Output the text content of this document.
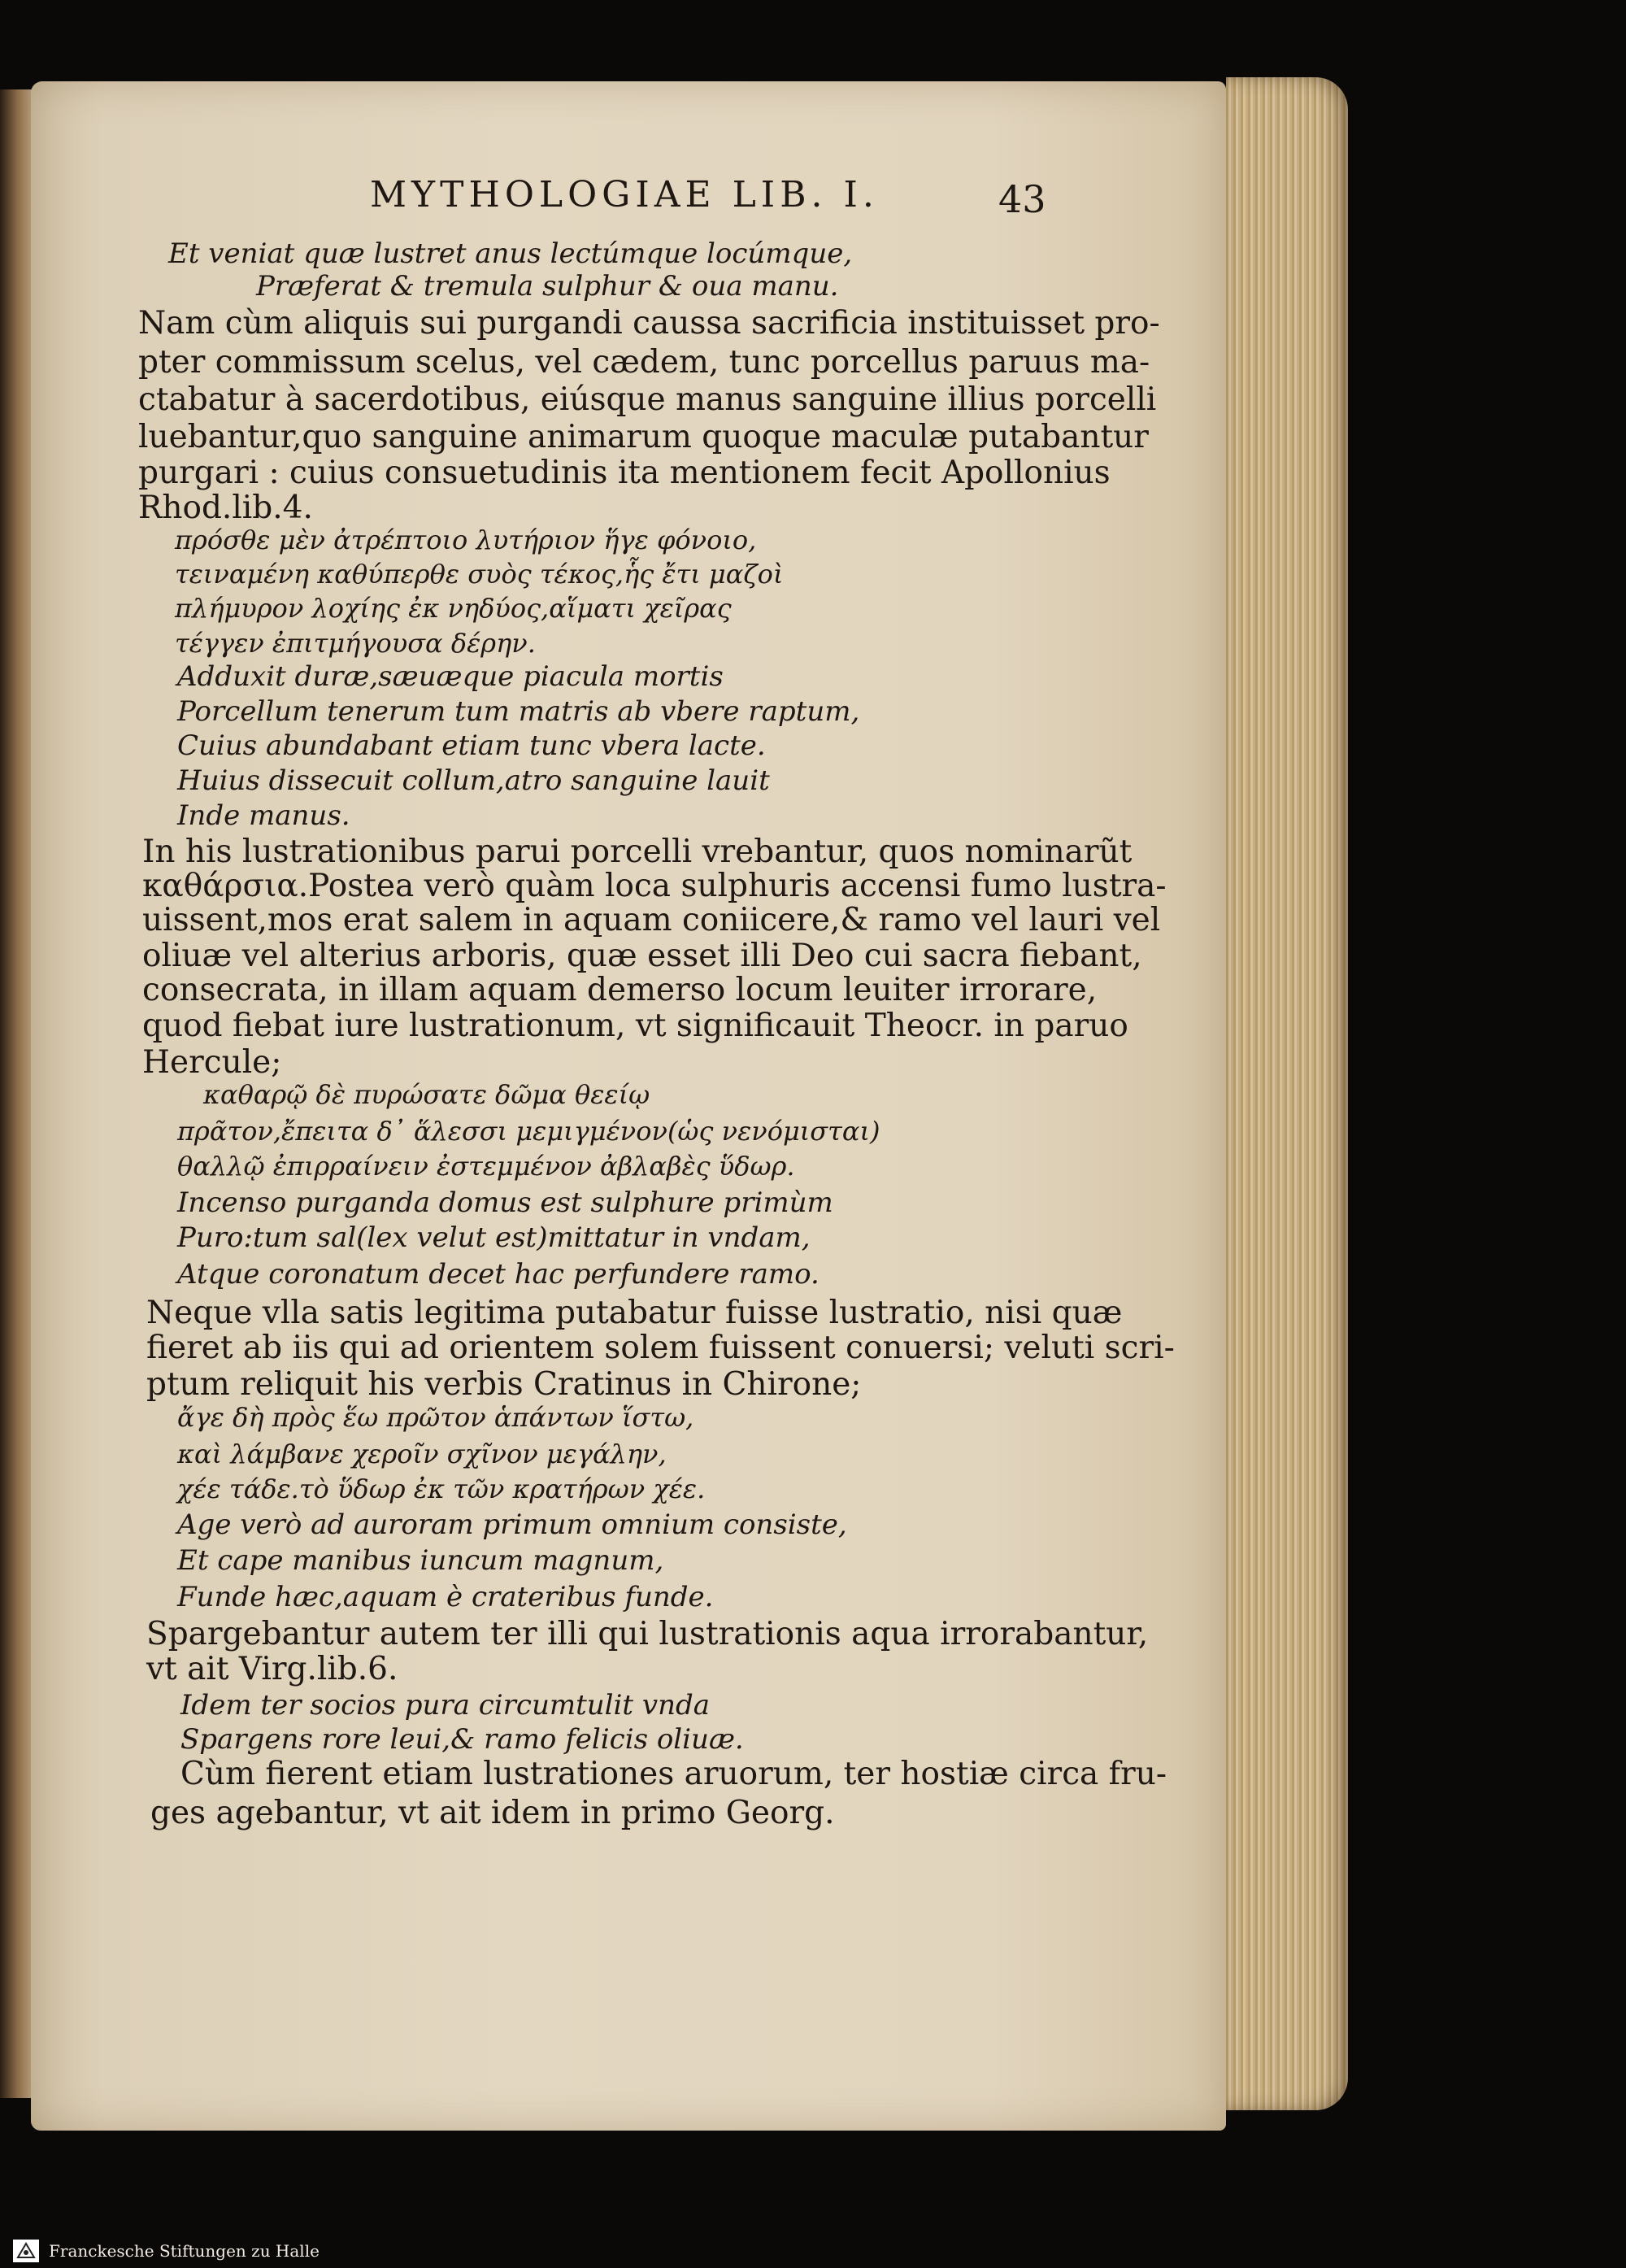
MYTHOLOGIAE LIB. I.	43
Et veniat quæ lustret anus lectúmque locúmque,
Præferat & tremula sulphur & oua manu.
Nam cùm aliquis sui purgandi caussa sacrificia instituisset pro-
pter commissum scelus, vel cædem, tunc porcellus paruus ma-
ctabatur à sacerdotibus, eiúsque manus sanguine illius porcelli
luebantur,quo sanguine animarum quoque maculæ putabantur
purgari : cuius consuetudinis ita mentionem fecit Apollonius
Rhod.lib.4.
πρόσθε μὲν ἀτρέπτοιο λυτήριον ἥγε φόνοιο,
τειναμένη καθύπερθε συὸς τέκος,ἧς ἔτι μαζοὶ
πλήμυρον λοχίης ἐκ νηδύος,αἵματι χεῖρας
τέγγεν ἐπιτμήγουσα δέρην.
Adduxit duræ,sæuæque piacula mortis
Porcellum tenerum tum matris ab vbere raptum,
Cuius abundabant etiam tunc vbera lacte.
Huius dissecuit collum,atro sanguine lauit
Inde manus.
In his lustrationibus parui porcelli vrebantur, quos nominarũt
καθάρσια.Postea verò quàm loca sulphuris accensi fumo lustra-
uissent,mos erat salem in aquam coniicere,& ramo vel lauri vel
oliuæ vel alterius arboris, quæ esset illi Deo cui sacra fiebant,
consecrata, in illam aquam demerso locum leuiter irrorare,
quod fiebat iure lustrationum, vt significauit Theocr. in paruo
Hercule;
καθαρῷ δὲ πυρώσατε δῶμα θεείῳ
πρᾶτον,ἔπειτα δ᾽ ἅλεσσι μεμιγμένον(ὡς νενόμισται)
θαλλῷ ἐπιρραίνειν ἐστεμμένον ἀβλαβὲς ὕδωρ.
Incenso purganda domus est sulphure primùm
Puro:tum sal(lex velut est)mittatur in vndam,
Atque coronatum decet hac perfundere ramo.
Neque vlla satis legitima putabatur fuisse lustratio, nisi quæ
fieret ab iis qui ad orientem solem fuissent conuersi; veluti scri-
ptum reliquit his verbis Cratinus in Chirone;
ἄγε δὴ πρὸς ἕω πρῶτον ἁπάντων ἵστω,
καὶ λάμβανε χεροῖν σχῖνον μεγάλην,
χέε τάδε.τὸ ὕδωρ ἐκ τῶν κρατήρων χέε.
Age verò ad auroram primum omnium consiste,
Et cape manibus iuncum magnum,
Funde hæc,aquam è crateribus funde.
Spargebantur autem ter illi qui lustrationis aqua irrorabantur,
vt ait Virg.lib.6.
Idem ter socios pura circumtulit vnda
Spargens rore leui,& ramo felicis oliuæ.
Cùm fierent etiam lustrationes aruorum, ter hostiæ circa fru-
ges agebantur, vt ait idem in primo Georg.
Franckesche Stiftungen zu Halle
